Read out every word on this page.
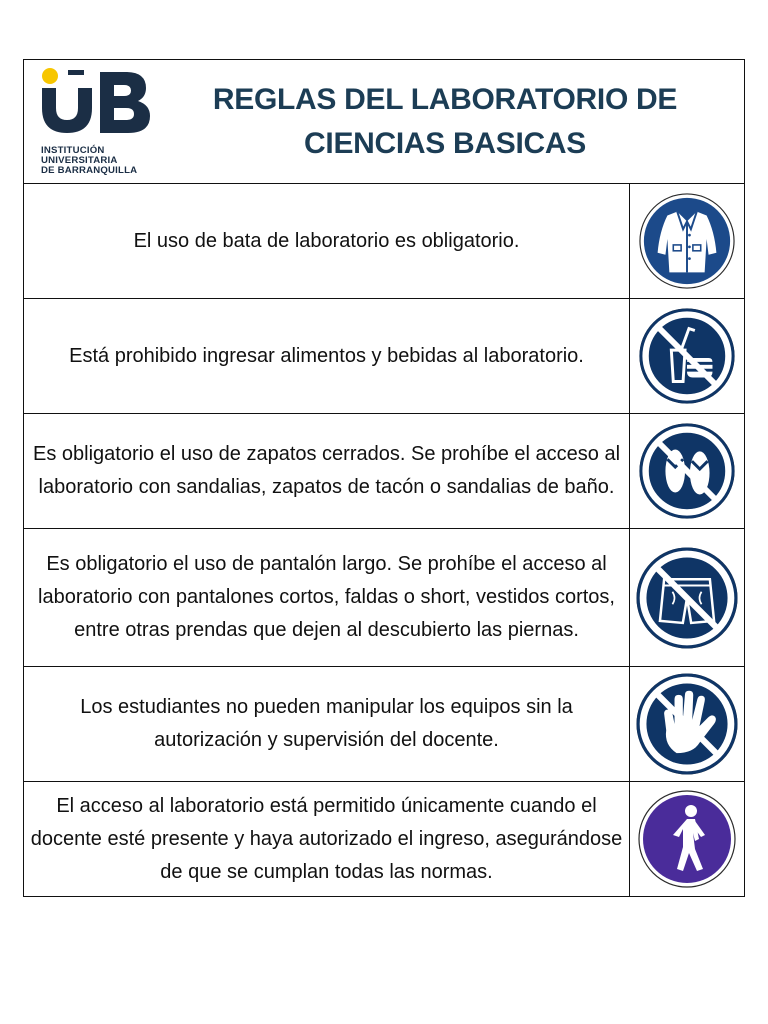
INSTITUCIÓN
UNIVERSITARIA
DE BARRANQUILLA
REGLAS DEL LABORATORIO DE
CIENCIAS BASICAS
El uso de bata de laboratorio es obligatorio.
Está prohibido ingresar alimentos y bebidas al laboratorio.
Es obligatorio el uso de zapatos cerrados. Se prohíbe el acceso al laboratorio con sandalias, zapatos de tacón o sandalias de baño.
Es obligatorio el uso de pantalón largo. Se prohíbe el acceso al laboratorio con pantalones cortos, faldas o short, vestidos cortos, entre otras prendas que dejen al descubierto las piernas.
Los estudiantes no pueden manipular los equipos sin la autorización y supervisión del docente.
El acceso al laboratorio está permitido únicamente cuando el docente esté presente y haya autorizado el ingreso, asegurándose de que se cumplan todas las normas.
